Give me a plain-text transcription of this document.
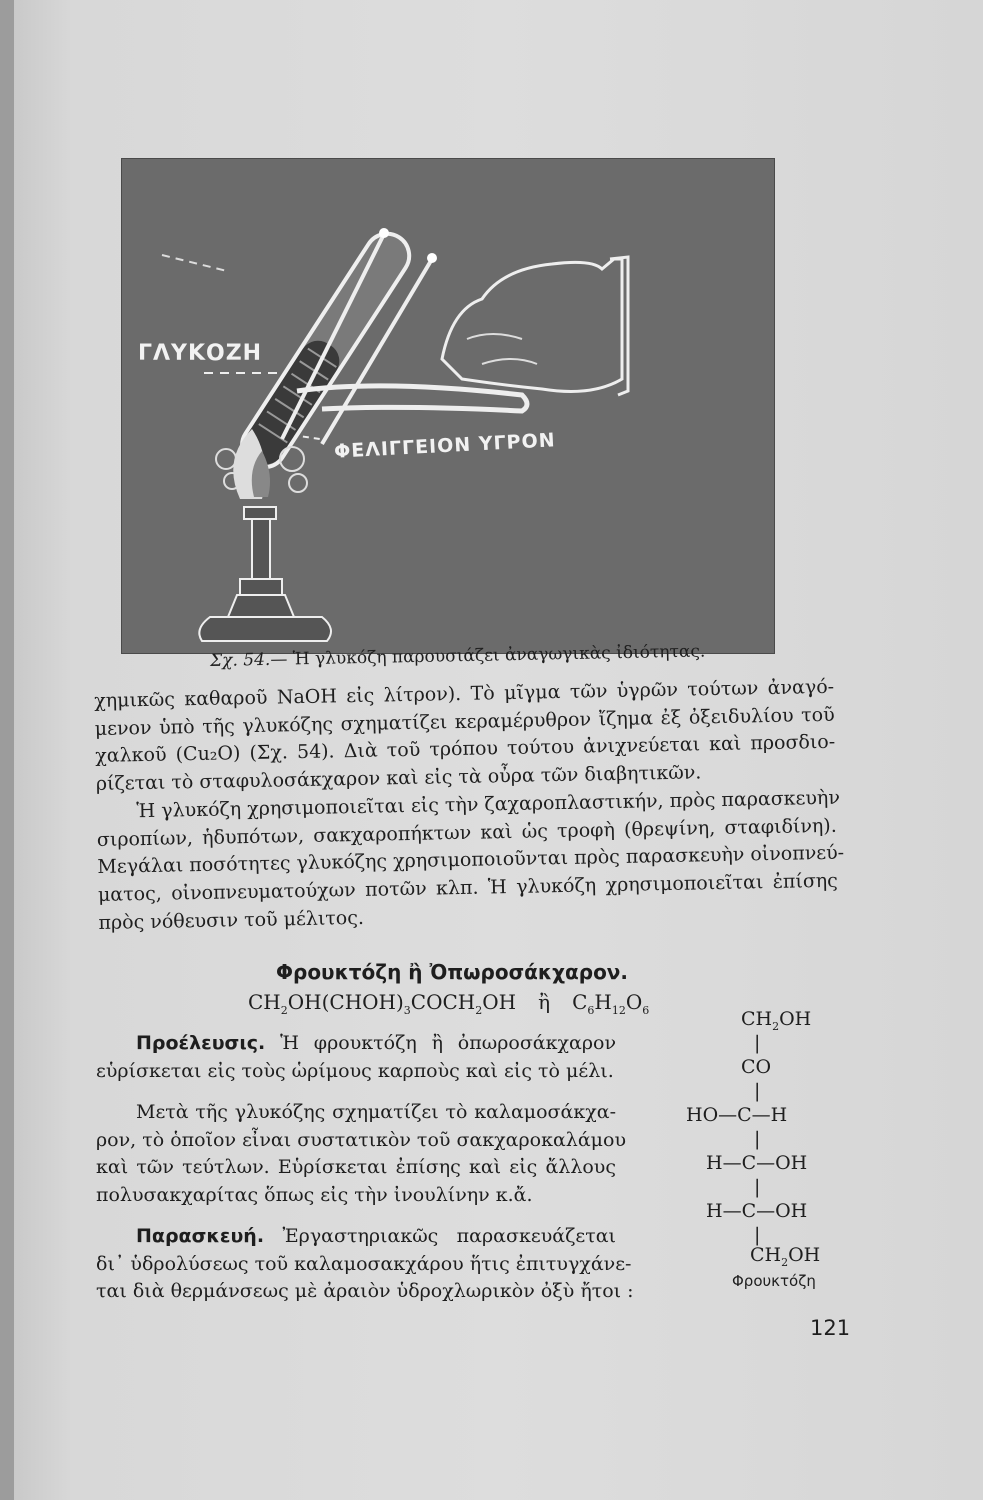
ΓΛΥΚΟΖΗ
ΦΕΛΙΓΓΕΙΟΝ ΥΓΡΟΝ
Σχ. 54.— Ἡ γλυκόζη παρουσιάζει ἀναγωγικὰς ἰδιότητας.
χημικῶς καθαροῦ NaOH εἰς λίτρον). Τὸ μῖγμα τῶν ὑγρῶν τούτων ἀναγό-
μενον ὑπὸ τῆς γλυκόζης σχηματίζει κεραμέρυθρον ἴζημα ἐξ ὀξειδυλίου τοῦ
χαλκοῦ (Cu₂O) (Σχ. 54). Διὰ τοῦ τρόπου τούτου ἀνιχνεύεται καὶ προσδιο-
ρίζεται τὸ σταφυλοσάκχαρον καὶ εἰς τὰ οὖρα τῶν διαβητικῶν.
Ἡ γλυκόζη χρησιμοποιεῖται εἰς τὴν ζαχαροπλαστικήν, πρὸς παρασκευὴν
σιροπίων, ἡδυπότων, σακχαροπήκτων καὶ ὡς τροφὴ (θρεψίνη, σταφιδίνη).
Μεγάλαι ποσότητες γλυκόζης χρησιμοποιοῦνται πρὸς παρασκευὴν οἰνοπνεύ-
ματος, οἰνοπνευματούχων ποτῶν κλπ. Ἡ γλυκόζη χρησιμοποιεῖται ἐπίσης
πρὸς νόθευσιν τοῦ μέλιτος.
Φρουκτόζη ἢ Ὀπωροσάκχαρον.
$CH_2OH(CHOH)_3COCH_2OH$ ἢ $C_6H_{12}O_6$
Προέλευσις. Ἡ φρουκτόζη ἢ ὀπωροσάκχαρον
εὑρίσκεται εἰς τοὺς ὡρίμους καρποὺς καὶ εἰς τὸ μέλι.
Μετὰ τῆς γλυκόζης σχηματίζει τὸ καλαμοσάκχα-
ρον, τὸ ὁποῖον εἶναι συστατικὸν τοῦ σακχαροκαλάμου
καὶ τῶν τεύτλων. Εὑρίσκεται ἐπίσης καὶ εἰς ἄλλους
πολυσακχαρίτας ὅπως εἰς τὴν ἰνουλίνην κ.ἄ.
Παρασκευή. Ἐργαστηριακῶς παρασκευάζεται
δι᾽ ὑδρολύσεως τοῦ καλαμοσακχάρου ἥτις ἐπιτυγχάνε-
ται διὰ θερμάνσεως μὲ ἀραιὸν ὑδροχλωρικὸν ὀξὺ ἤτοι :
$CH_2OH$
|
CO
|
HO—C—H
|
H—C—OH
|
H—C—OH
|
$CH_2OH$
Φρουκτόζη
121
